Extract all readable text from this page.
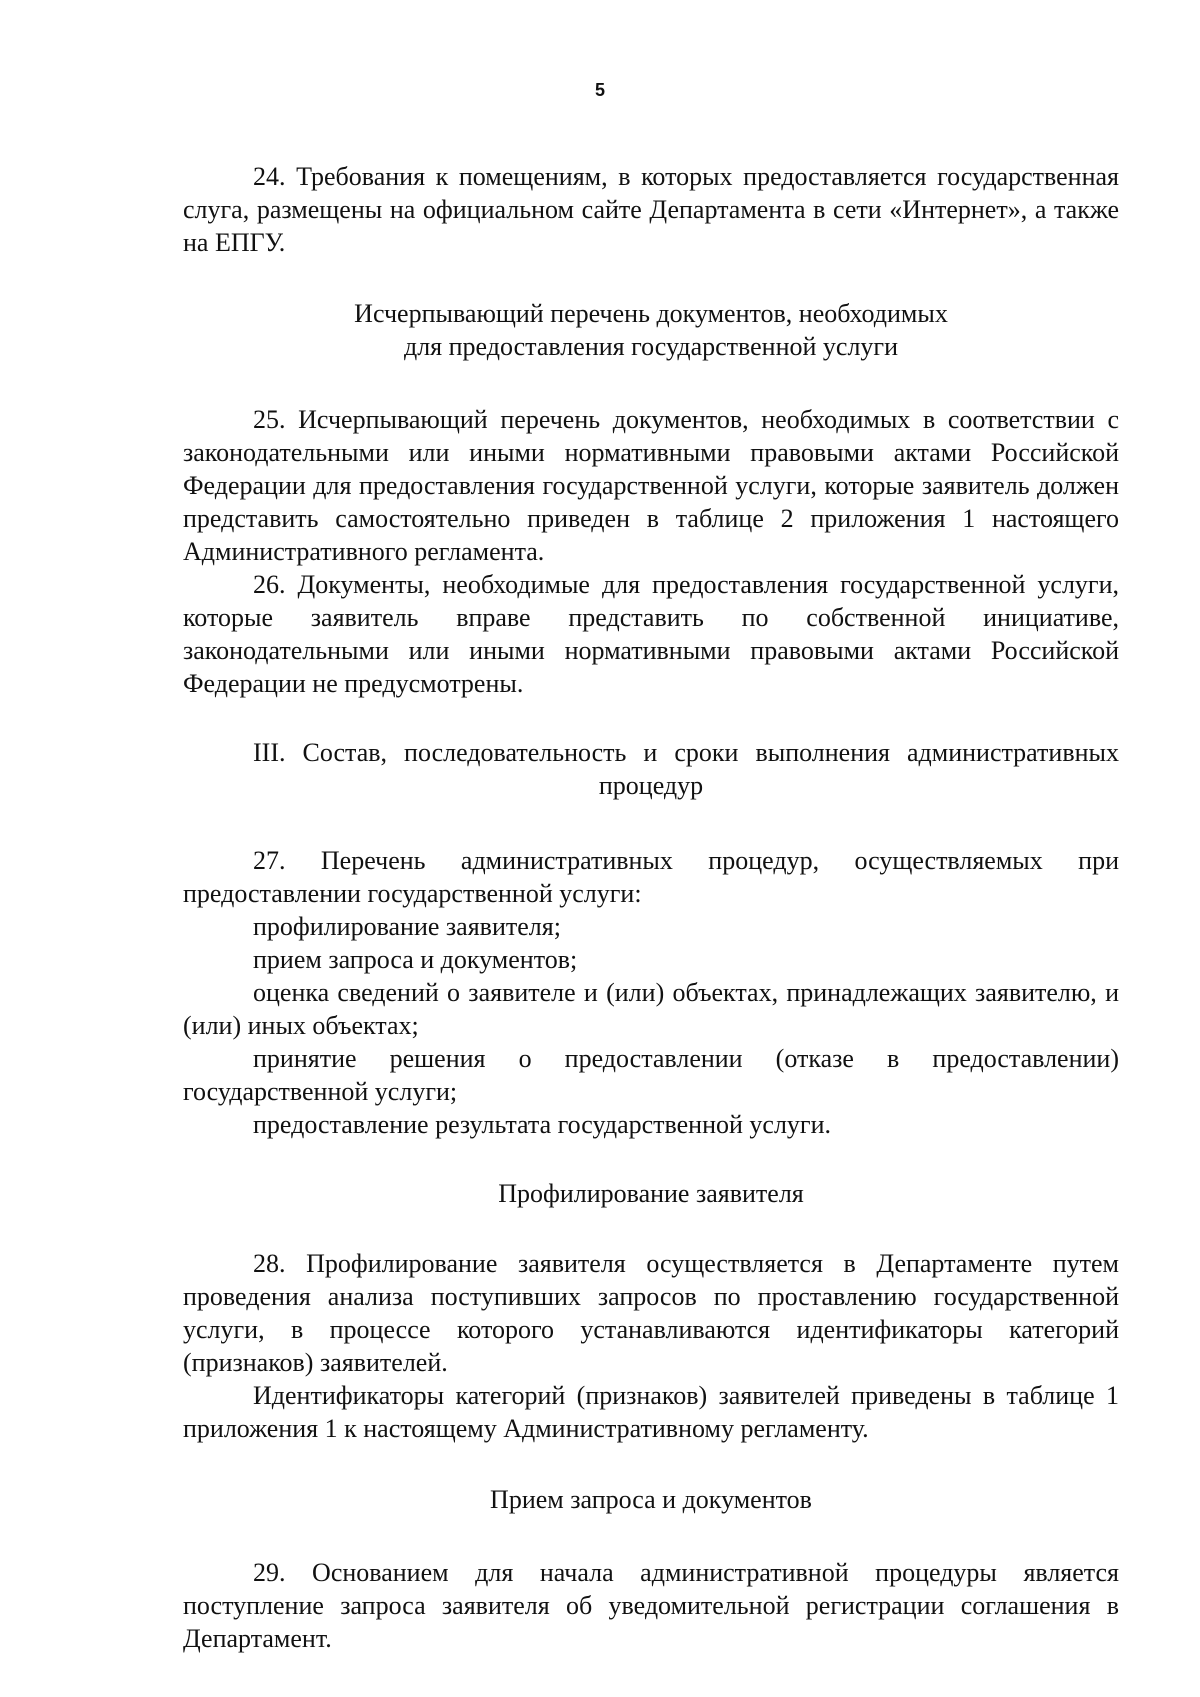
5

24. Требования к помещениям, в которых предоставляется государственная слуга, размещены на официальном сайте Департамента в сети «Интернет», а также на ЕПГУ.

Исчерпывающий перечень документов, необходимых
для предоставления государственной услуги

25. Исчерпывающий перечень документов, необходимых в соответствии с законодательными или иными нормативными правовыми актами Российской Федерации для предоставления государственной услуги, которые заявитель должен представить самостоятельно приведен в таблице 2 приложения 1 настоящего Административного регламента.

26. Документы, необходимые для предоставления государственной услуги, которые заявитель вправе представить по собственной инициативе, законодательными или иными нормативными правовыми актами Российской Федерации не предусмотрены.

III. Состав, последовательность и сроки выполнения административных
процедур

27. Перечень административных процедур, осуществляемых при предоставлении государственной услуги:

профилирование заявителя;

прием запроса и документов;

оценка сведений о заявителе и (или) объектах, принадлежащих заявителю, и (или) иных объектах;

принятие решения о предоставлении (отказе в предоставлении) государственной услуги;

предоставление результата государственной услуги.

Профилирование заявителя

28. Профилирование заявителя осуществляется в Департаменте путем проведения анализа поступивших запросов по проставлению государственной услуги, в процессе которого устанавливаются идентификаторы категорий (признаков) заявителей.

Идентификаторы категорий (признаков) заявителей приведены в таблице 1 приложения 1 к настоящему Административному регламенту.

Прием запроса и документов

29. Основанием для начала административной процедуры является поступление запроса заявителя об уведомительной регистрации соглашения в Департамент.
